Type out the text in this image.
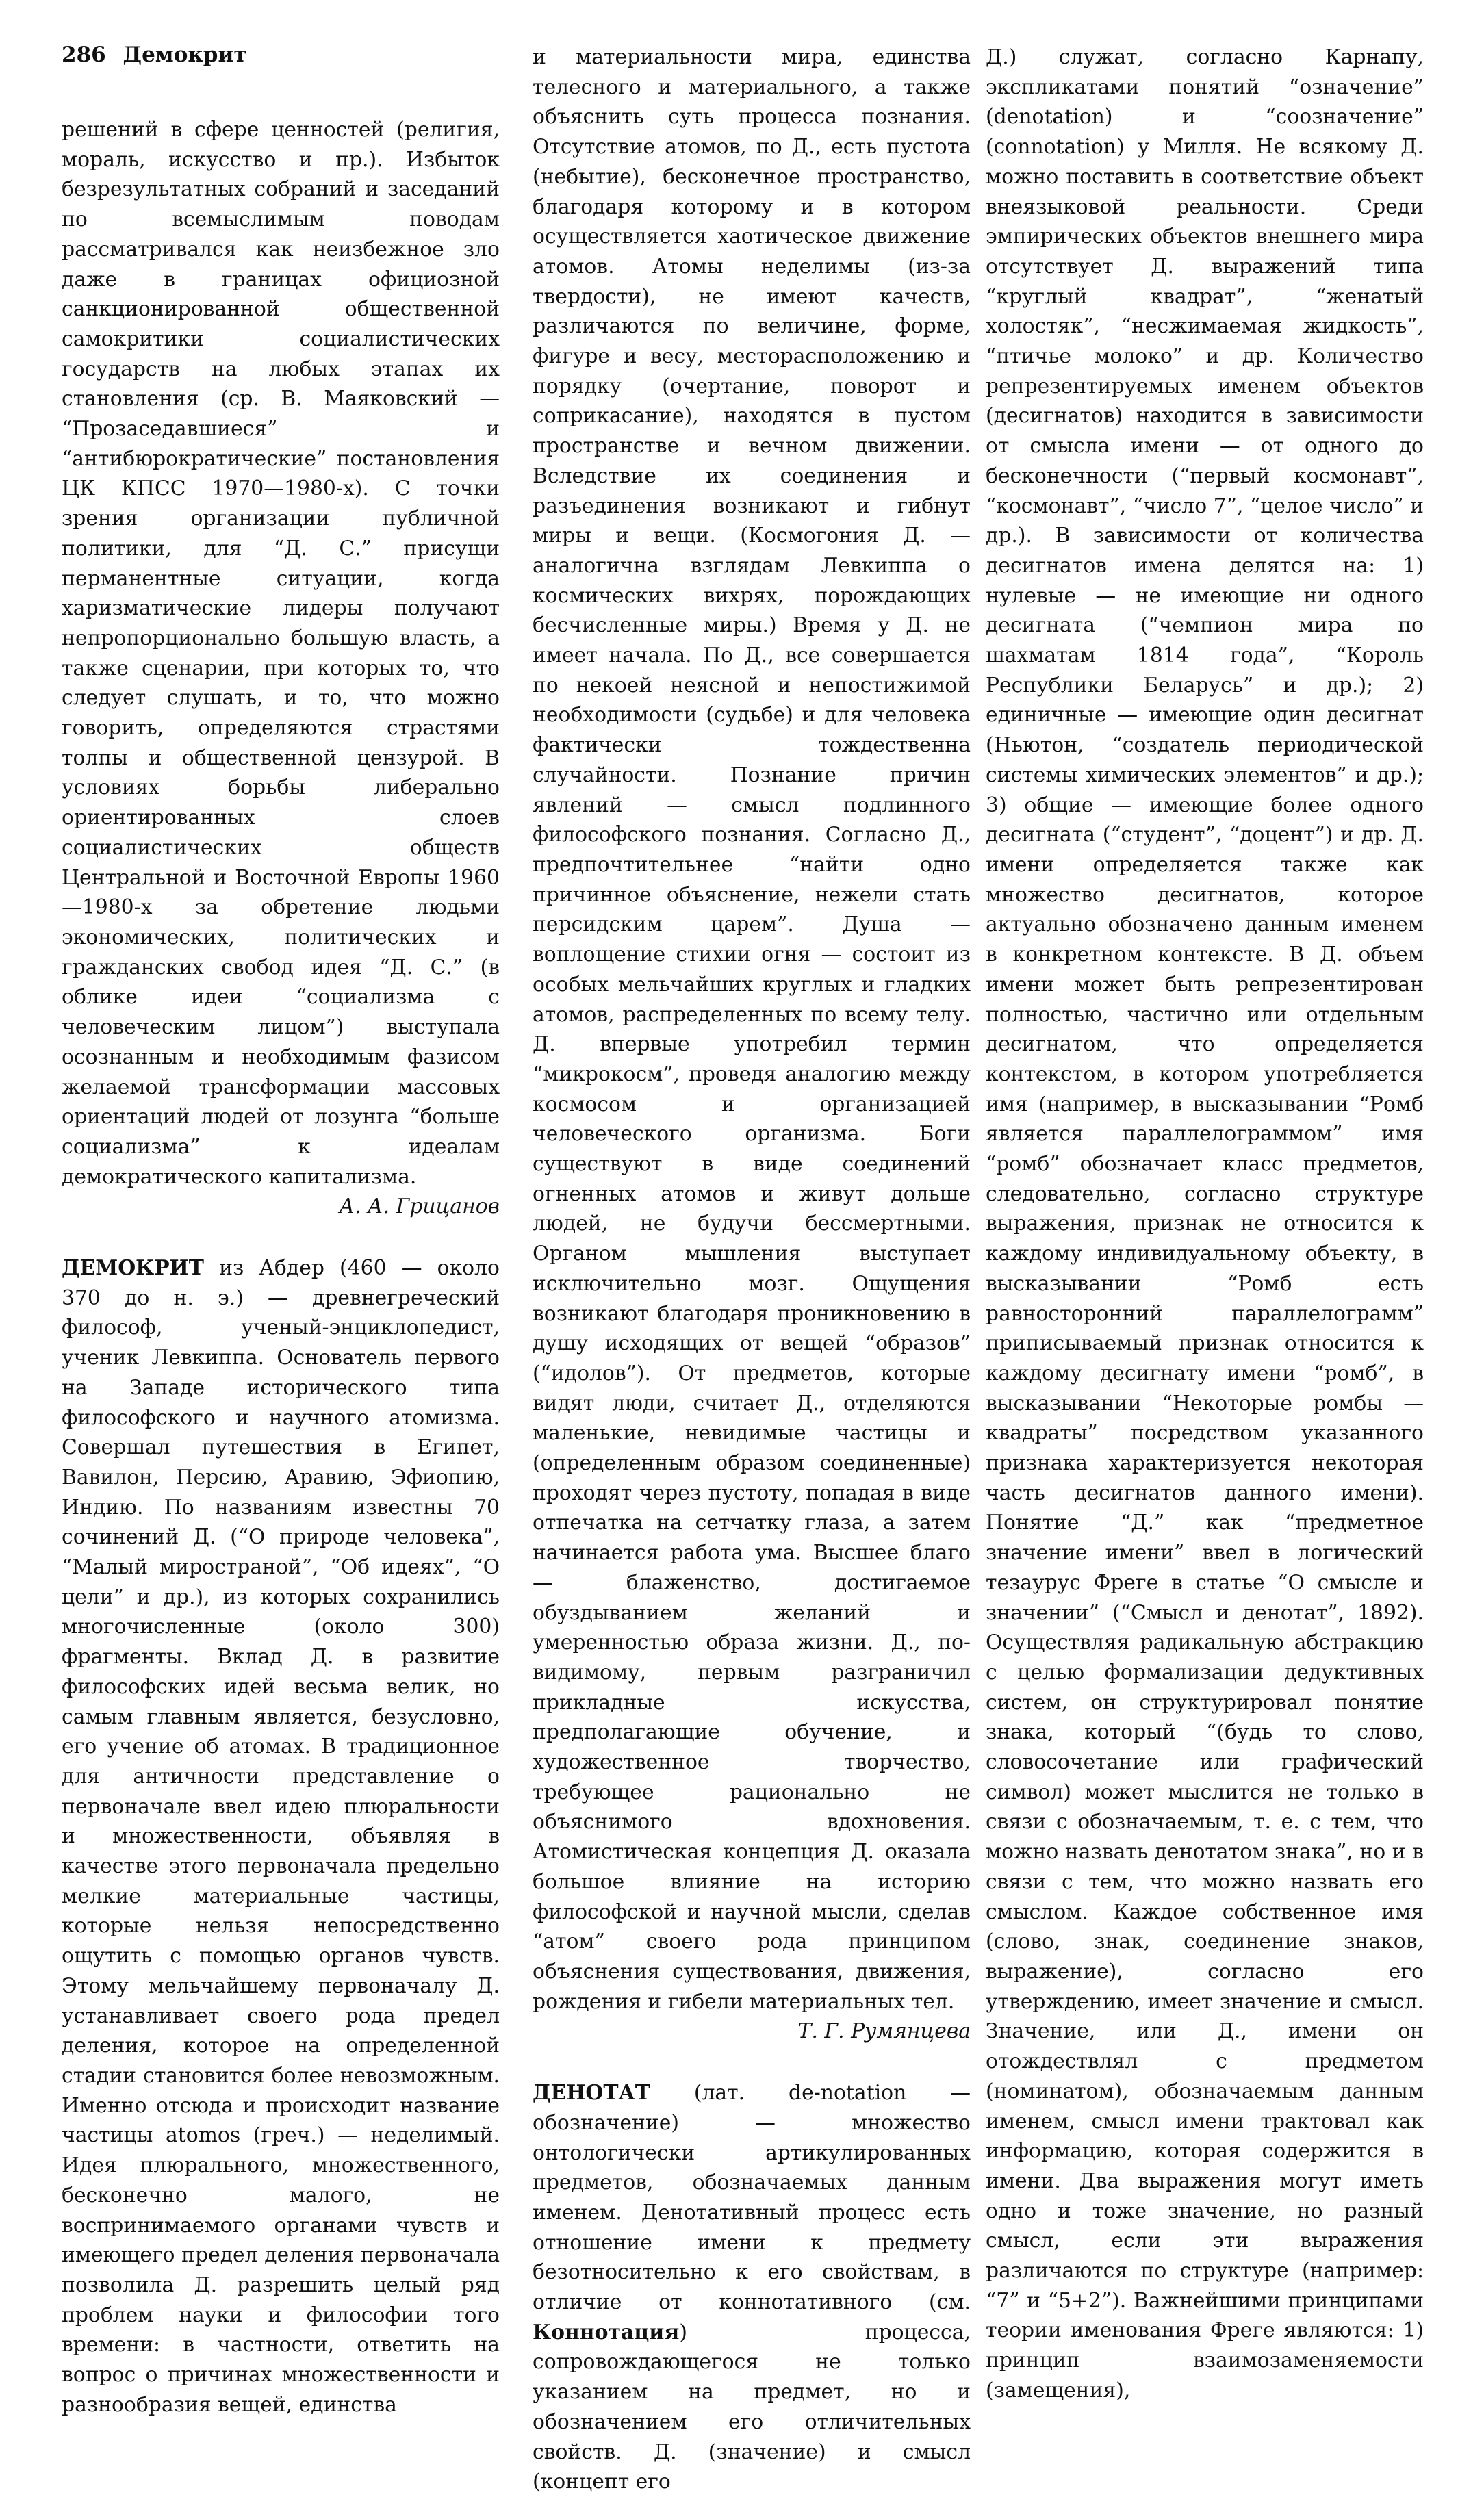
286 Демокрит

решений в сфере ценностей (религия, мораль, искусство и пр.). Избыток безрезультатных собраний и заседаний по всемыслимым поводам рассматривался как неизбежное зло даже в границах официозной санкционированной общественной самокритики социалистических государств на любых этапах их становления (ср. В. Маяковский — “Прозаседавшиеся” и “антибюрократические” постановления ЦК КПСС 1970—1980-х). С точки зрения организации публичной политики, для “Д. С.” присущи перманентные ситуации, когда харизматические лидеры получают непропорционально большую власть, а также сценарии, при которых то, что следует слушать, и то, что можно говорить, определяются страстями толпы и общественной цензурой. В условиях борьбы либерально ориентированных слоев социалистических обществ Центральной и Восточной Европы 1960—1980-х за обретение людьми экономических, политических и гражданских свобод идея “Д. С.” (в облике идеи “социализма с человеческим лицом”) выступала осознанным и необходимым фазисом желаемой трансформации массовых ориентаций людей от лозунга “больше социализма” к идеалам демократического капитализма.

А. А. Грицанов

ДЕМОКРИТ из Абдер (460 — около 370 до н. э.) — древнегреческий философ, ученый-энциклопедист, ученик Левкиппа. Основатель первого на Западе исторического типа философского и научного атомизма. Совершал путешествия в Египет, Вавилон, Персию, Аравию, Эфиопию, Индию. По названиям известны 70 сочинений Д. (“О природе человека”, “Малый миространой”, “Об идеях”, “О цели” и др.), из которых сохранились многочисленные (около 300) фрагменты. Вклад Д. в развитие философских идей весьма велик, но самым главным является, безусловно, его учение об атомах. В традиционное для античности представление о первоначале ввел идею плюральности и множественности, объявляя в качестве этого первоначала предельно мелкие материальные частицы, которые нельзя непосредственно ощутить с помощью органов чувств. Этому мельчайшему первоначалу Д. устанавливает своего рода предел деления, которое на определенной стадии становится более невозможным. Именно отсюда и происходит название частицы atomos (греч.) — неделимый. Идея плюрального, множественного, бесконечно малого, не воспринимаемого органами чувств и имеющего предел деления первоначала позволила Д. разрешить целый ряд проблем науки и философии того времени: в частности, ответить на вопрос о причинах множественности и разнообразия вещей, единства

и материальности мира, единства телесного и материального, а также объяснить суть процесса познания. Отсутствие атомов, по Д., есть пустота (небытие), бесконечное пространство, благодаря которому и в котором осуществляется хаотическое движение атомов. Атомы неделимы (из-за твердости), не имеют качеств, различаются по величине, форме, фигуре и весу, месторасположению и порядку (очертание, поворот и соприкасание), находятся в пустом пространстве и вечном движении. Вследствие их соединения и разъединения возникают и гибнут миры и вещи. (Космогония Д. — аналогична взглядам Левкиппа о космических вихрях, порождающих бесчисленные миры.) Время у Д. не имеет начала. По Д., все совершается по некоей неясной и непостижимой необходимости (судьбе) и для человека фактически тождественна случайности. Познание причин явлений — смысл подлинного философского познания. Согласно Д., предпочтительнее “найти одно причинное объяснение, нежели стать персидским царем”. Душа — воплощение стихии огня — состоит из особых мельчайших круглых и гладких атомов, распределенных по всему телу. Д. впервые употребил термин “микрокосм”, проведя аналогию между космосом и организацией человеческого организма. Боги существуют в виде соединений огненных атомов и живут дольше людей, не будучи бессмертными. Органом мышления выступает исключительно мозг. Ощущения возникают благодаря проникновению в душу исходящих от вещей “образов” (“идолов”). От предметов, которые видят люди, считает Д., отделяются маленькие, невидимые частицы и (определенным образом соединенные) проходят через пустоту, попадая в виде отпечатка на сетчатку глаза, а затем начинается работа ума. Высшее благо — блаженство, достигаемое обуздыванием желаний и умеренностью образа жизни. Д., по-видимому, первым разграничил прикладные искусства, предполагающие обучение, и художественное творчество, требующее рационально не объяснимого вдохновения. Атомистическая концепция Д. оказала большое влияние на историю философской и научной мысли, сделав “атом” своего рода принципом объяснения существования, движения, рождения и гибели материальных тел.

Т. Г. Румянцева

ДЕНОТАТ (лат. de-notation — обозначение) — множество онтологически артикулированных предметов, обозначаемых данным именем. Денотативный процесс есть отношение имени к предмету безотносительно к его свойствам, в отличие от коннотативного (см. Коннотация) процесса, сопровождающегося не только указанием на предмет, но и обозначением его отличительных свойств. Д. (значение) и смысл (концепт его

Д.) служат, согласно Карнапу, экспликатами понятий “означение” (denotation) и “соозначение” (connotation) у Милля. Не всякому Д. можно поставить в соответствие объект внеязыковой реальности. Среди эмпирических объектов внешнего мира отсутствует Д. выражений типа “круглый квадрат”, “женатый холостяк”, “несжимаемая жидкость”, “птичье молоко” и др. Количество репрезентируемых именем объектов (десигнатов) находится в зависимости от смысла имени — от одного до бесконечности (“первый космонавт”, “космонавт”, “число 7”, “целое число” и др.). В зависимости от количества десигнатов имена делятся на: 1) нулевые — не имеющие ни одного десигната (“чемпион мира по шахматам 1814 года”, “Король Республики Беларусь” и др.); 2) единичные — имеющие один десигнат (Ньютон, “создатель периодической системы химических элементов” и др.); 3) общие — имеющие более одного десигната (“студент”, “доцент”) и др. Д. имени определяется также как множество десигнатов, которое актуально обозначено данным именем в конкретном контексте. В Д. объем имени может быть репрезентирован полностью, частично или отдельным десигнатом, что определяется контекстом, в котором употребляется имя (например, в высказывании “Ромб является параллелограммом” имя “ромб” обозначает класс предметов, следовательно, согласно структуре выражения, признак не относится к каждому индивидуальному объекту, в высказывании “Ромб есть равносторонний параллелограмм” приписываемый признак относится к каждому десигнату имени “ромб”, в высказывании “Некоторые ромбы — квадраты” посредством указанного признака характеризуется некоторая часть десигнатов данного имени). Понятие “Д.” как “предметное значение имени” ввел в логический тезаурус Фреге в статье “О смысле и значении” (“Смысл и денотат”, 1892). Осуществляя радикальную абстракцию с целью формализации дедуктивных систем, он структурировал понятие знака, который “(будь то слово, словосочетание или графический символ) может мыслится не только в связи с обозначаемым, т. е. с тем, что можно назвать денотатом знака”, но и в связи с тем, что можно назвать его смыслом. Каждое собственное имя (слово, знак, соединение знаков, выражение), согласно его утверждению, имеет значение и смысл. Значение, или Д., имени он отождествлял с предметом (номинатом), обозначаемым данным именем, смысл имени трактовал как информацию, которая содержится в имени. Два выражения могут иметь одно и тоже значение, но разный смысл, если эти выражения различаются по структуре (например: “7” и “5+2”). Важнейшими принципами теории именования Фреге являются: 1) принцип взаимозаменяемости (замещения),
